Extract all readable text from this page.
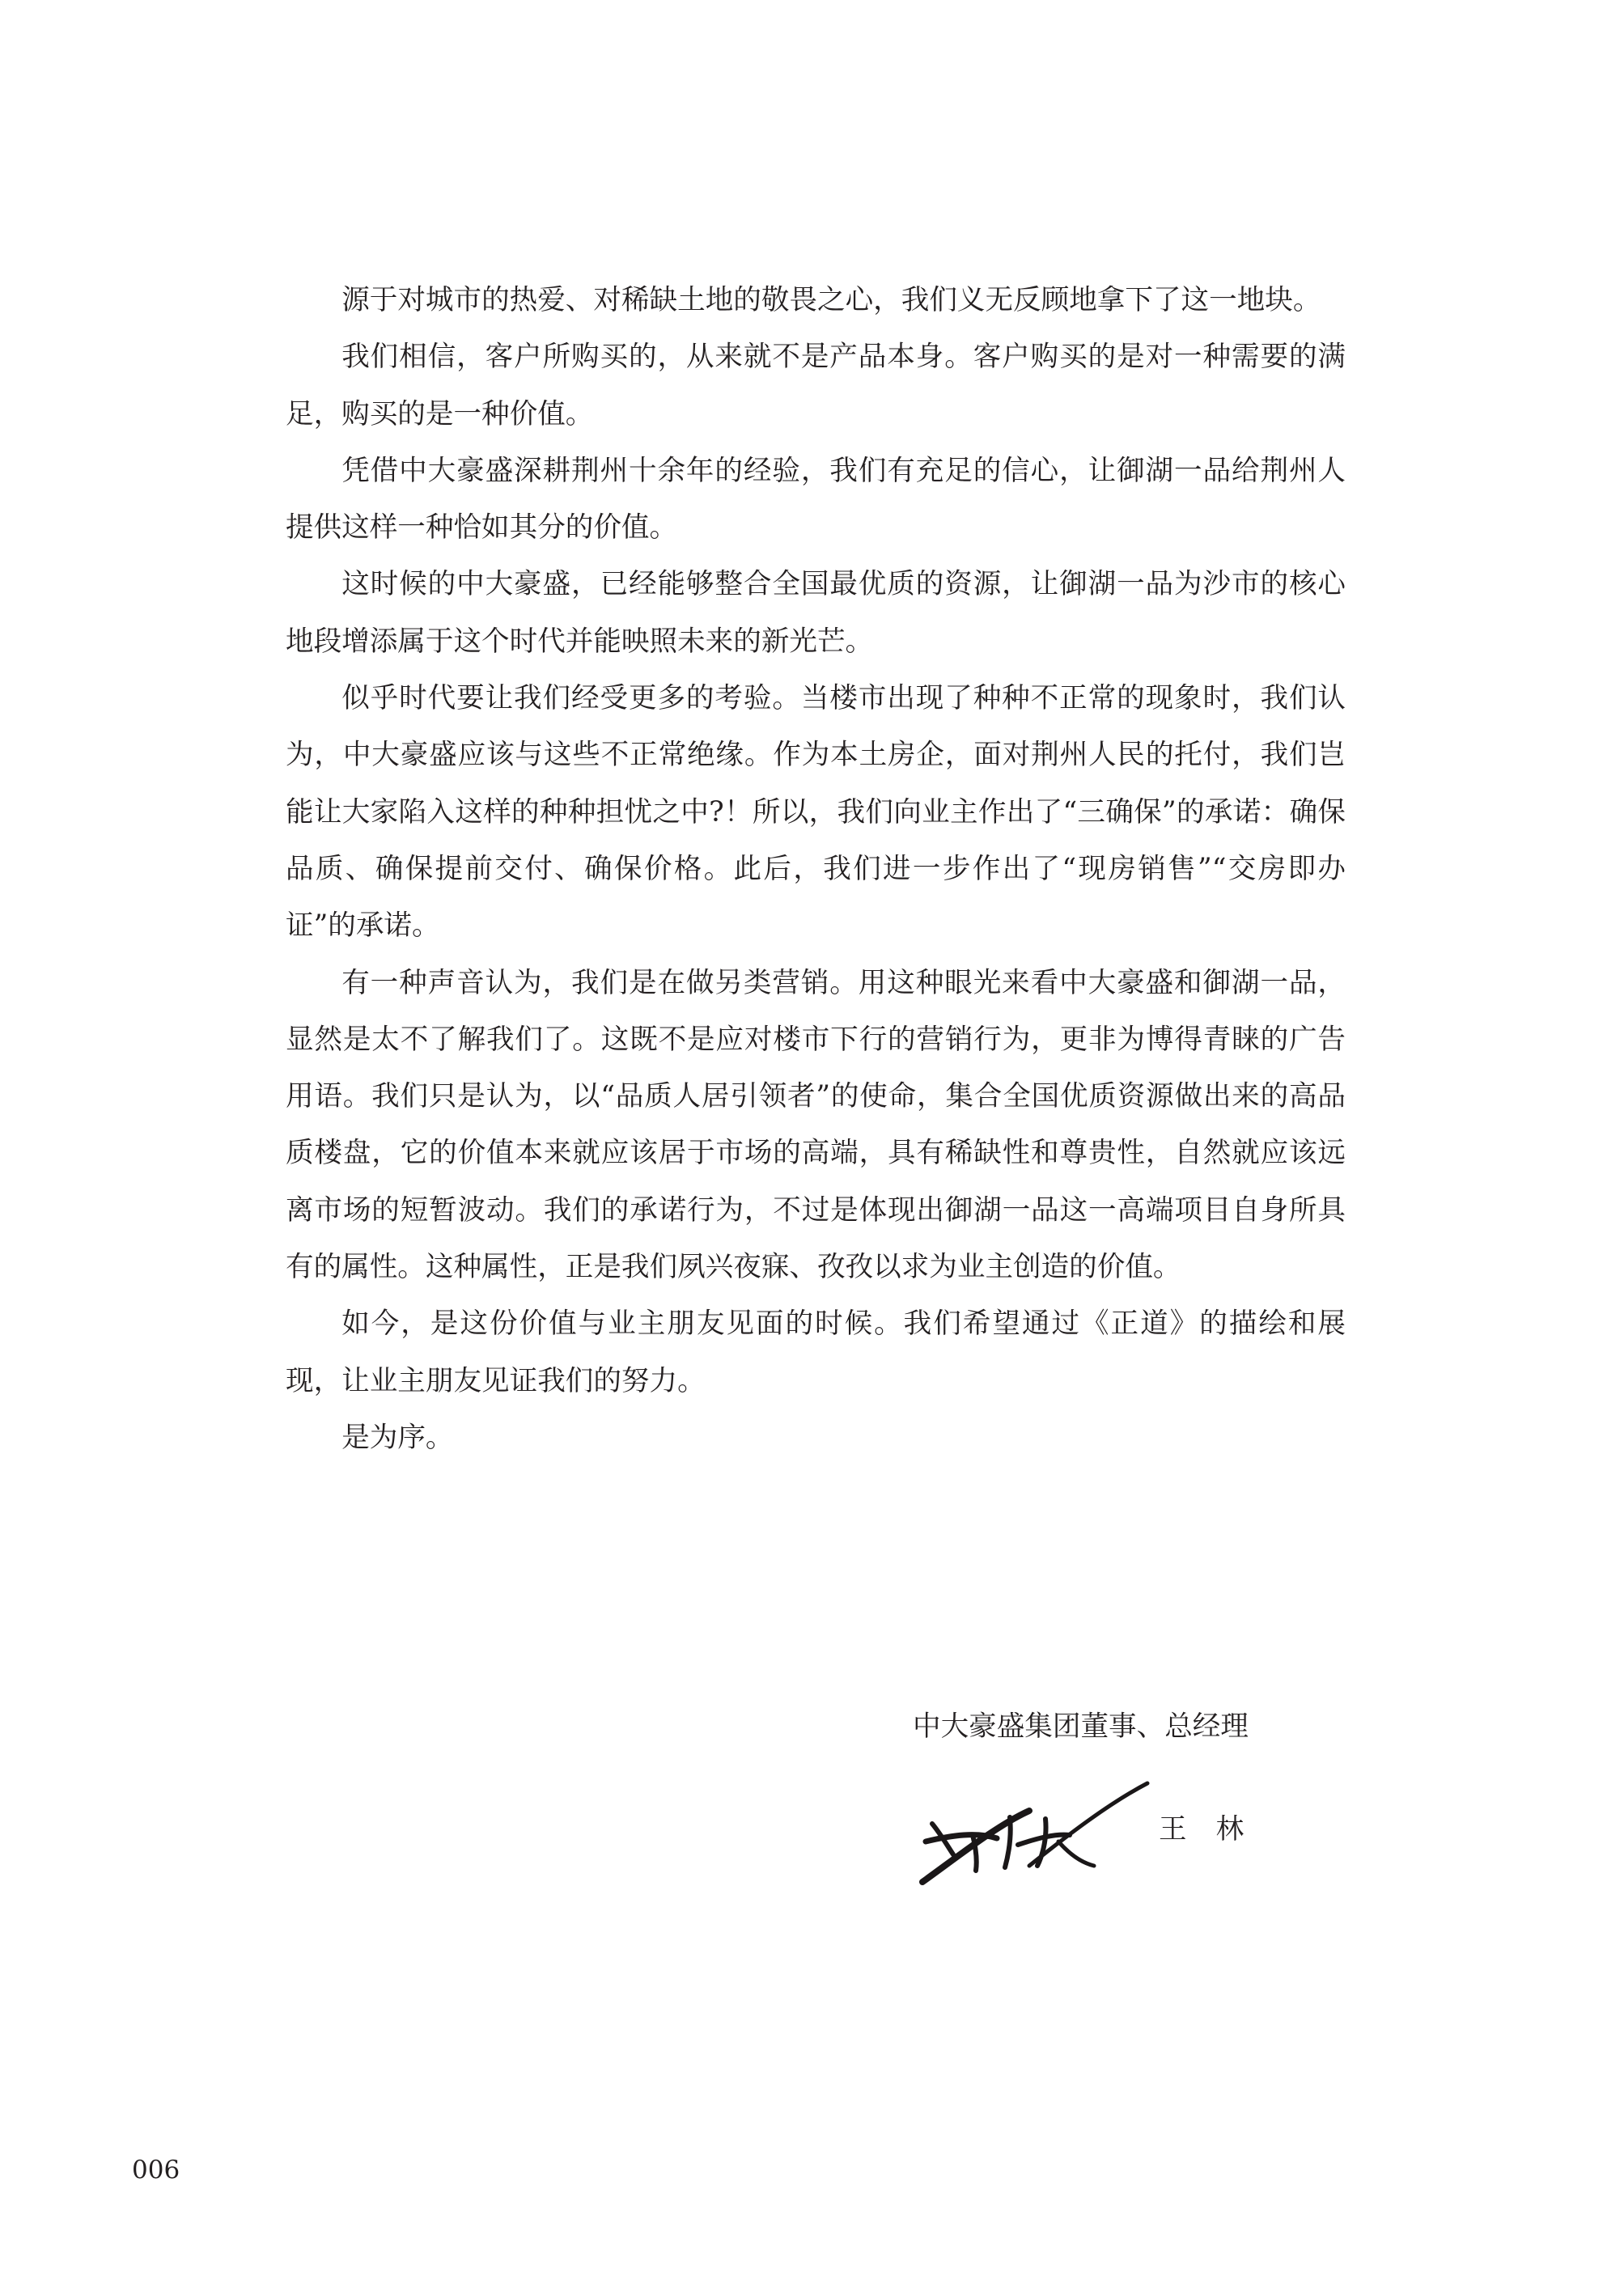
源于对城市的热爱、对稀缺土地的敬畏之心，我们义无反顾地拿下了这一地块。

我们相信，客户所购买的，从来就不是产品本身。客户购买的是对一种需要的满足，购买的是一种价值。

凭借中大豪盛深耕荆州十余年的经验，我们有充足的信心，让御湖一品给荆州人提供这样一种恰如其分的价值。

这时候的中大豪盛，已经能够整合全国最优质的资源，让御湖一品为沙市的核心地段增添属于这个时代并能映照未来的新光芒。

似乎时代要让我们经受更多的考验。当楼市出现了种种不正常的现象时，我们认为，中大豪盛应该与这些不正常绝缘。作为本土房企，面对荆州人民的托付，我们岂能让大家陷入这样的种种担忧之中?！所以，我们向业主作出了“三确保”的承诺：确保品质、确保提前交付、确保价格。此后，我们进一步作出了“现房销售”“交房即办证”的承诺。

有一种声音认为，我们是在做另类营销。用这种眼光来看中大豪盛和御湖一品，显然是太不了解我们了。这既不是应对楼市下行的营销行为，更非为博得青睐的广告用语。我们只是认为，以“品质人居引领者”的使命，集合全国优质资源做出来的高品质楼盘，它的价值本来就应该居于市场的高端，具有稀缺性和尊贵性，自然就应该远离市场的短暂波动。我们的承诺行为，不过是体现出御湖一品这一高端项目自身所具有的属性。这种属性，正是我们夙兴夜寐、孜孜以求为业主创造的价值。

如今，是这份价值与业主朋友见面的时候。我们希望通过《正道》的描绘和展现，让业主朋友见证我们的努力。

是为序。

中大豪盛集团董事、总经理
王林
006
